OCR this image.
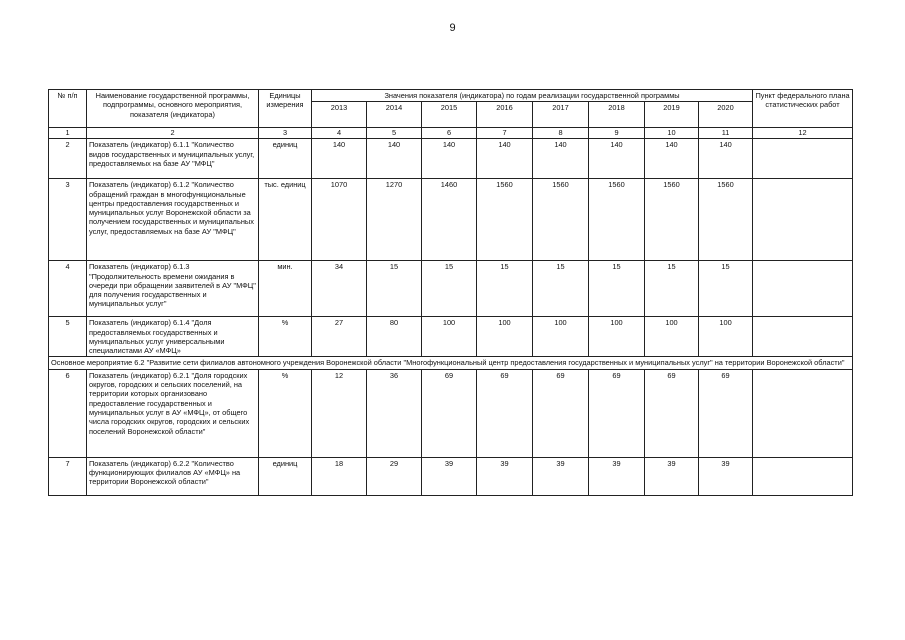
9
№ п/п	Наименование государственной программы, подпрограммы, основного мероприятия, показателя (индикатора)	Единицы измерения	Значения показателя (индикатора) по годам реализации государственной программы								Пункт федерального плана статистических работ
			2013	2014	2015	2016	2017	2018	2019	2020	
1	2	3	4	5	6	7	8	9	10	11	12
2	Показатель (индикатор) 6.1.1 "Количество видов государственных и муниципальных услуг, предоставляемых на базе АУ "МФЦ"	единиц	140	140	140	140	140	140	140	140	
3	Показатель (индикатор) 6.1.2 "Количество обращений граждан в многофункциональные центры предоставления государственных и муниципальных услуг Воронежской области за получением государственных и муниципальных услуг, предоставляемых на базе АУ "МФЦ"	тыс. единиц	1070	1270	1460	1560	1560	1560	1560	1560	
4	Показатель (индикатор) 6.1.3 "Продолжительность времени ожидания в очереди при обращении заявителей в АУ "МФЦ" для получения государственных и муниципальных услуг"	мин.	34	15	15	15	15	15	15	15	
5	Показатель (индикатор) 6.1.4 "Доля предоставляемых государственных и муниципальных услуг универсальными специалистами АУ «МФЦ»	%	27	80	100	100	100	100	100	100	
Основное мероприятие 6.2 "Развитие сети филиалов автономного учреждения Воронежской области "Многофункциональный центр предоставления государственных и муниципальных услуг" на территории Воронежской области"											
6	Показатель (индикатор) 6.2.1 "Доля городских округов, городских и сельских поселений, на территории которых организовано предоставление государственных и муниципальных услуг в АУ «МФЦ», от общего числа городских округов, городских и сельских поселений Воронежской области"	%	12	36	69	69	69	69	69	69	
7	Показатель (индикатор) 6.2.2 "Количество функционирующих филиалов АУ «МФЦ» на территории Воронежской области"	единиц	18	29	39	39	39	39	39	39	
